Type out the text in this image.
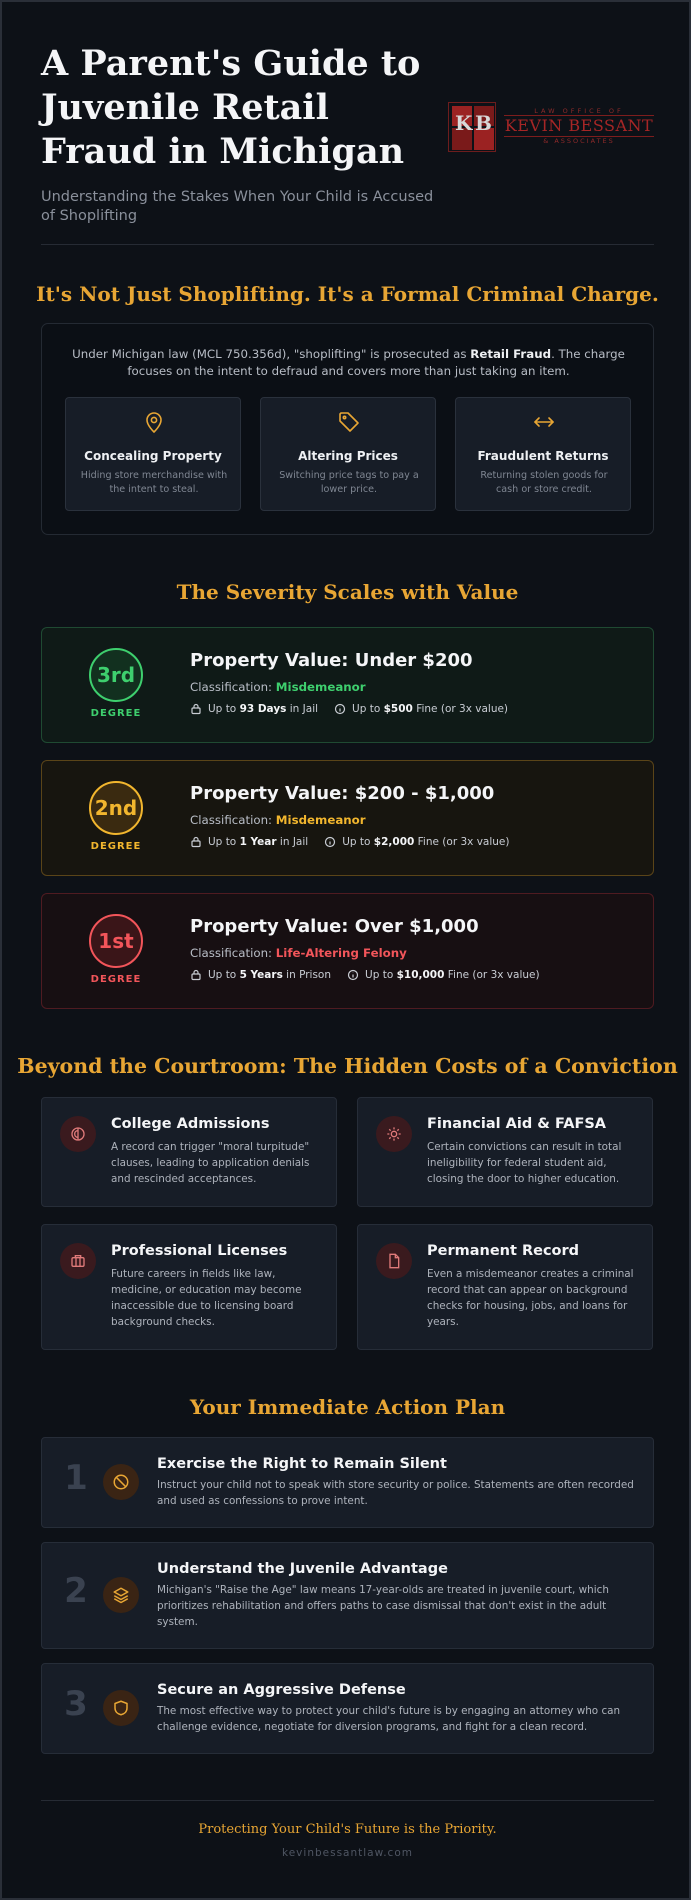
A Parent's Guide to Juvenile Retail Fraud in Michigan
Understanding the Stakes When Your Child is Accused of Shoplifting
K B	LAW OFFICE OF
KEVIN BESSANT
& ASSOCIATES
It's Not Just Shoplifting. It's a Formal Criminal Charge.
Under Michigan law (MCL 750.356d), "shoplifting" is prosecuted as Retail Fraud. The charge focuses on the intent to defraud and covers more than just taking an item.
Concealing Property
Hiding store merchandise with the intent to steal.
Altering Prices
Switching price tags to pay a lower price.
Fraudulent Returns
Returning stolen goods for cash or store credit.
The Severity Scales with Value
3rd
DEGREE
Property Value: Under $200
Classification: Misdemeanor
Up to 93 Days in Jail	Up to $500 Fine (or 3x value)
2nd
DEGREE
Property Value: $200 - $1,000
Classification: Misdemeanor
Up to 1 Year in Jail	Up to $2,000 Fine (or 3x value)
1st
DEGREE
Property Value: Over $1,000
Classification: Life-Altering Felony
Up to 5 Years in Prison	Up to $10,000 Fine (or 3x value)
Beyond the Courtroom: The Hidden Costs of a Conviction
College Admissions
A record can trigger "moral turpitude" clauses, leading to application denials and rescinded acceptances.
Financial Aid & FAFSA
Certain convictions can result in total ineligibility for federal student aid, closing the door to higher education.
Professional Licenses
Future careers in fields like law, medicine, or education may become inaccessible due to licensing board background checks.
Permanent Record
Even a misdemeanor creates a criminal record that can appear on background checks for housing, jobs, and loans for years.
Your Immediate Action Plan
1	Exercise the Right to Remain Silent
Instruct your child not to speak with store security or police. Statements are often recorded and used as confessions to prove intent.
2
Understand the Juvenile Advantage
Michigan's "Raise the Age" law means 17-year-olds are treated in juvenile court, which prioritizes rehabilitation and offers paths to case dismissal that don't exist in the adult system.
3	Secure an Aggressive Defense
The most effective way to protect your child's future is by engaging an attorney who can challenge evidence, negotiate for diversion programs, and fight for a clean record.
Protecting Your Child's Future is the Priority.
kevinbessantlaw.com
